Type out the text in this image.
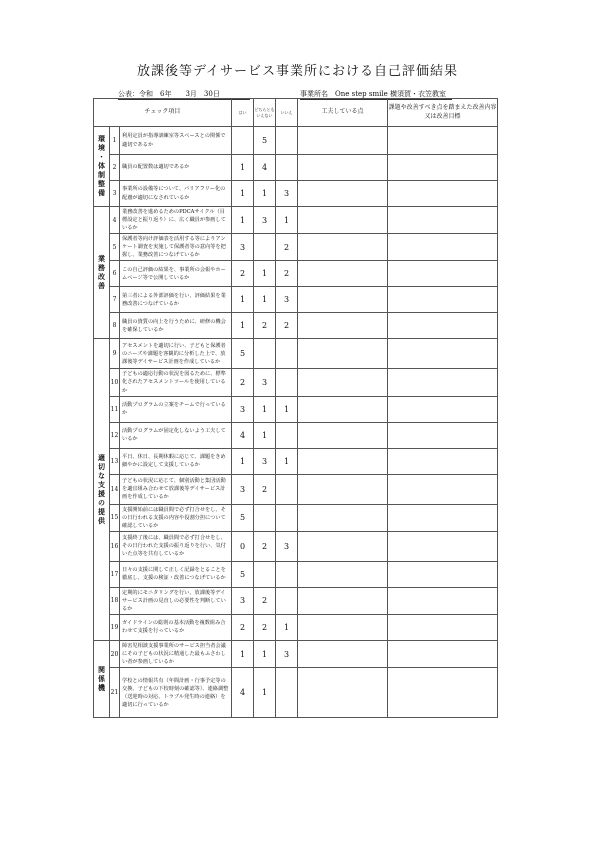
放課後等デイサービス事業所における自己評価結果
公表：令和　6年　　3月　30日	事業所名　One step smile 横須賀・衣笠教室
チェック項目			はい	どちらともいえない	いいえ	工夫している点	課題や改善すべき点を踏まえた改善内容又は改善目標
環境・体制整備	1	利用定員が指導訓練室等スペースとの関係で適切であるか		5			
	2	職員の配置数は適切であるか	1	4			
	3	事業所の設備等について、バリアフリー化の配慮が適切になされているか	1	1	3		
業務改善	4	業務改善を進めるためのPDCAサイクル（目標設定と振り返り）に、広く職員が参画しているか	1	3	1		
	5	保護者等向け評価表を活用する等によりアンケート調査を実施して保護者等の意向等を把握し、業務改善につなげているか	3		2		
	6	この自己評価の結果を、事業所の会報やホームページ等で公開しているか	2	1	2		
	7	第三者による外部評価を行い、評価結果を業務改善につなげているか	1	1	3		
	8	職員の資質の向上を行うために、研修の機会を確保しているか	1	2	2		
適切な支援の提供	9	アセスメントを適切に行い、子どもと保護者のニーズや課題を客観的に分析した上で、放課後等デイサービス計画を作成しているか	5				
	10	子どもの適応行動の状況を図るために、標準化されたアセスメントツールを使用しているか	2	3			
	11	活動プログラムの立案をチームで行っているか	3	1	1		
	12	活動プログラムが固定化しないよう工夫しているか	4	1			
	13	平日、休日、長期休暇に応じて、課題をきめ細やかに設定して支援しているか	1	3	1		
	14	子どもの状況に応じて、個別活動と集団活動を適宜組み合わせて放課後等デイサービス計画を作成しているか	3	2			
	15	支援開始前には職員間で必ず打合せをし、その日行われる支援の内容や役割分担について確認しているか	5				
	16	支援終了後には、職員間で必ず打合せをし、その日行われた支援の振り返りを行い、気付いた点等を共有しているか	0	2	3		
	17	日々の支援に関して正しく記録をとることを徹底し、支援の検証・改善につなげているか	5				
	18	定期的にモニタリングを行い、放課後等デイサービス計画の見直しの必要性を判断しているか	3	2			
	19	ガイドラインの総則の基本活動を複数組み合わせて支援を行っているか	2	2	1		
関係機	20	障害児相談支援事業所のサービス担当者会議にその子どもの状況に精通した最もふさわしい者が参画しているか	1	1	3		
	21	学校との情報共有（年間計画・行事予定等の交換、子どもの下校時刻の確認等）、連絡調整（送迎時の対応、トラブル発生時の連絡）を適切に行っているか	4	1			
